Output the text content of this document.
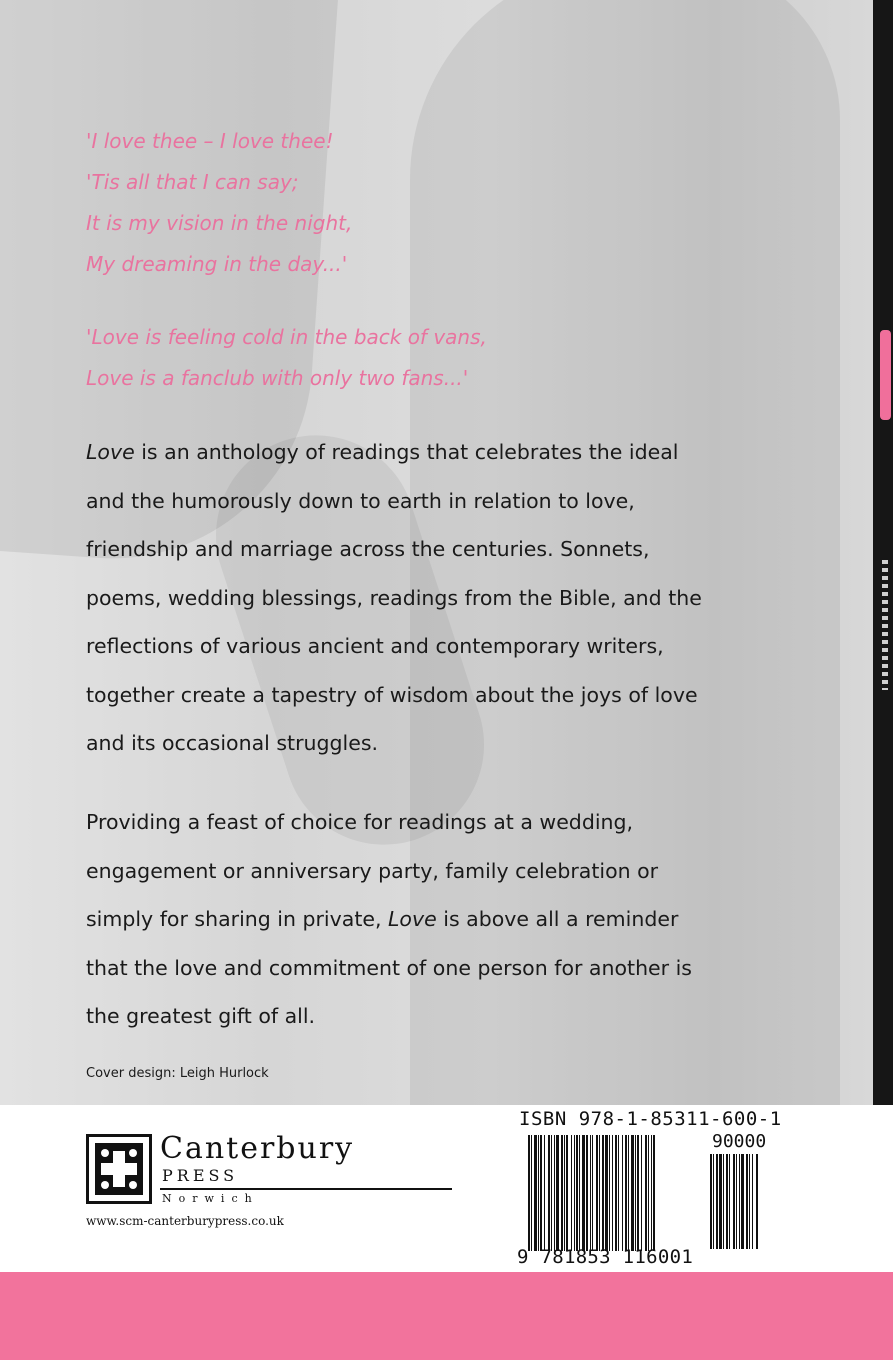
'I love thee – I love thee!
'Tis all that I can say;
It is my vision in the night,
My dreaming in the day...'
'Love is feeling cold in the back of vans,
Love is a fanclub with only two fans...'
Love is an anthology of readings that celebrates the ideal
and the humorously down to earth in relation to love,
friendship and marriage across the centuries. Sonnets,
poems, wedding blessings, readings from the Bible, and the
reflections of various ancient and contemporary writers,
together create a tapestry of wisdom about the joys of love
and its occasional struggles.
Providing a feast of choice for readings at a wedding,
engagement or anniversary party, family celebration or
simply for sharing in private, Love is above all a reminder
that the love and commitment of one person for another is
the greatest gift of all.
Cover design: Leigh Hurlock
Canterbury
PRESS
Norwich
www.scm-canterburypress.co.uk
ISBN 978-1-85311-600-1
90000
9 781853 116001
